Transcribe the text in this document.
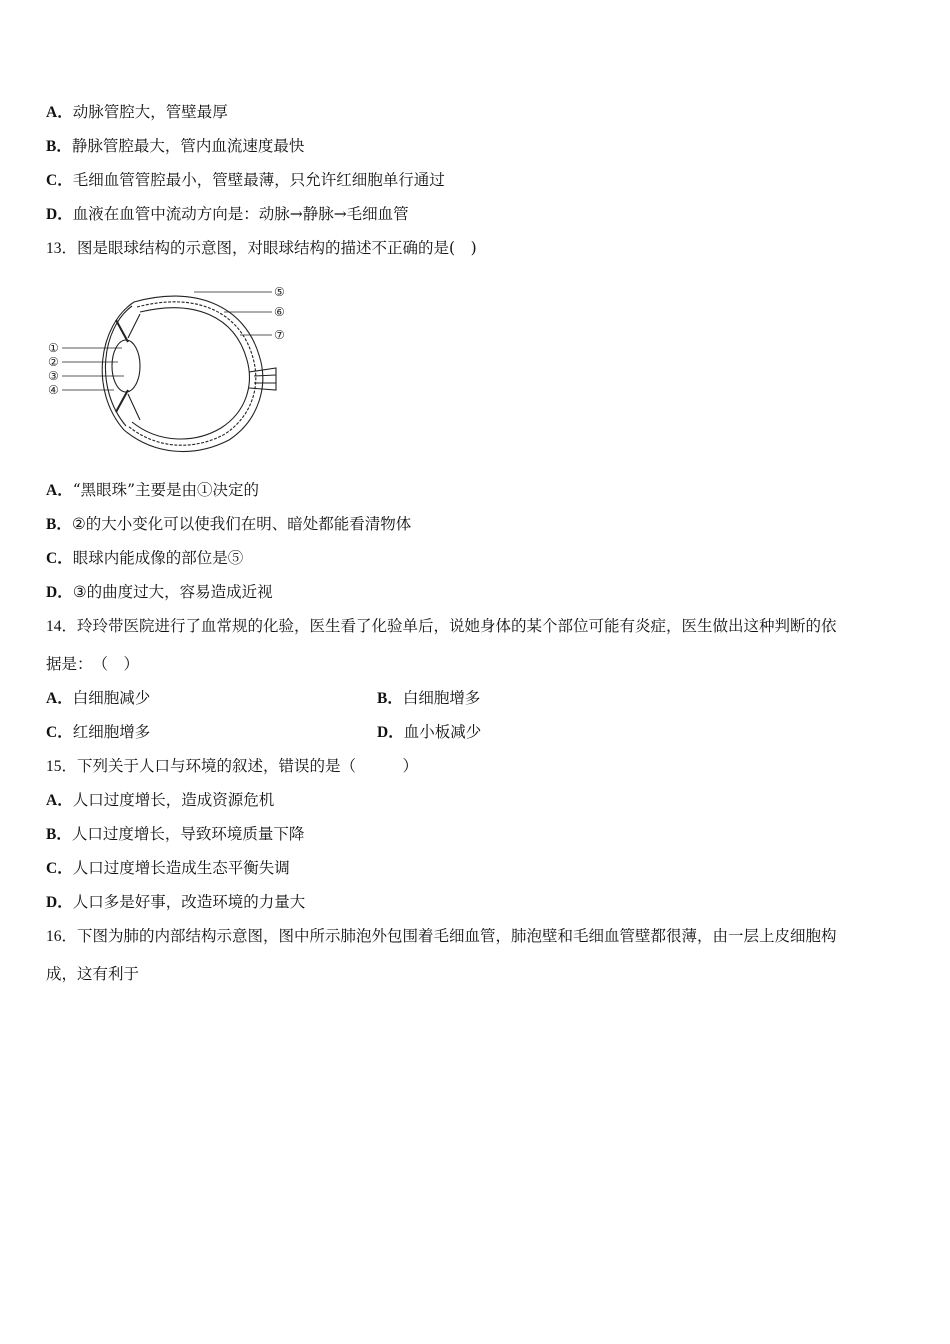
A．动脉管腔大，管壁最厚
B．静脉管腔最大，管内血流速度最快
C．毛细血管管腔最小，管壁最薄，只允许红细胞单行通过
D．血液在血管中流动方向是：动脉→静脉→毛细血管
13．图是眼球结构的示意图，对眼球结构的描述不正确的是(　)
①
②
③
④
⑤
⑥
⑦
A．“黑眼珠”主要是由①决定的
B．②的大小变化可以使我们在明、暗处都能看清物体
C．眼球内能成像的部位是⑤
D．③的曲度过大，容易造成近视
14．玲玲带医院进行了血常规的化验，医生看了化验单后，说她身体的某个部位可能有炎症，医生做出这种判断的依
据是：　（　）
A．白细胞减少	B．白细胞增多
C．红细胞增多	D．血小板减少
15．下列关于人口与环境的叙述，错误的是（　　　）
A．人口过度增长，造成资源危机
B．人口过度增长，导致环境质量下降
C．人口过度增长造成生态平衡失调
D．人口多是好事，改造环境的力量大
16．下图为肺的内部结构示意图，图中所示肺泡外包围着毛细血管，肺泡壁和毛细血管壁都很薄，由一层上皮细胞构
成，这有利于
